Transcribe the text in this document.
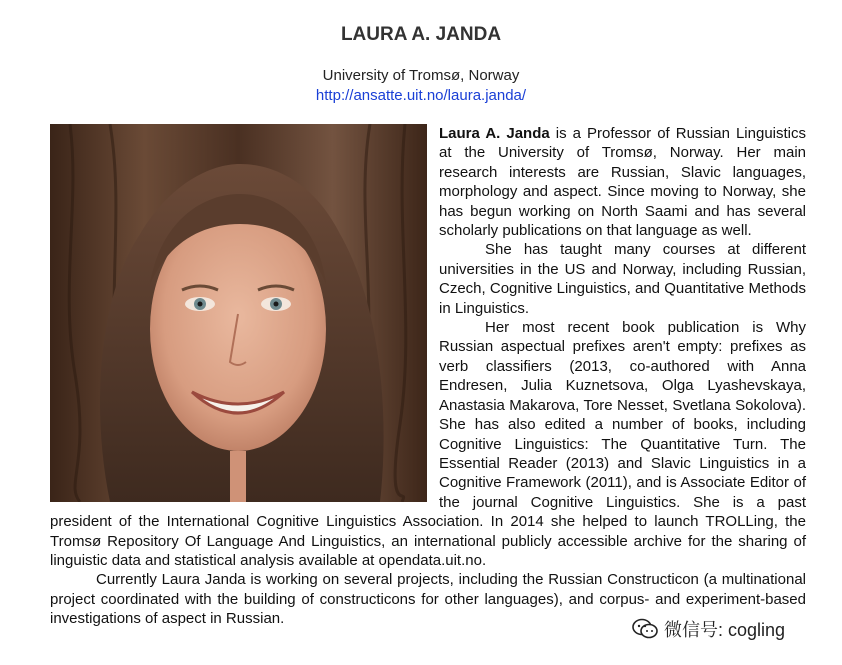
LAURA A. JANDA
University of Tromsø, Norway
http://ansatte.uit.no/laura.janda/

Laura A. Janda is a Professor of Russian Linguistics at the University of Tromsø, Norway. Her main research interests are Russian, Slavic languages, morphology and aspect. Since moving to Norway, she has begun working on North Saami and has several scholarly publications on that language as well.

She has taught many courses at different universities in the US and Norway, including Russian, Czech, Cognitive Linguistics, and Quantitative Methods in Linguistics.

Her most recent book publication is Why Russian aspectual prefixes aren't empty: prefixes as verb classifiers (2013, co-authored with Anna Endresen, Julia Kuznetsova, Olga Lyashevskaya, Anastasia Makarova, Tore Nesset, Svetlana Sokolova). She has also edited a number of books, including Cognitive Linguistics: The Quantitative Turn. The Essential Reader (2013) and Slavic Linguistics in a Cognitive Framework (2011), and is Associate Editor of the journal Cognitive Linguistics. She is a past president of the International Cognitive Linguistics Association. In 2014 she helped to launch TROLLing, the Tromsø Repository Of Language And Linguistics, an international publicly accessible archive for the sharing of linguistic data and statistical analysis available at opendata.uit.no.

Currently Laura Janda is working on several projects, including the Russian Constructicon (a multinational project coordinated with the building of constructicons for other languages), and corpus- and experiment-based investigations of aspect in Russian.

微信号: cogling
